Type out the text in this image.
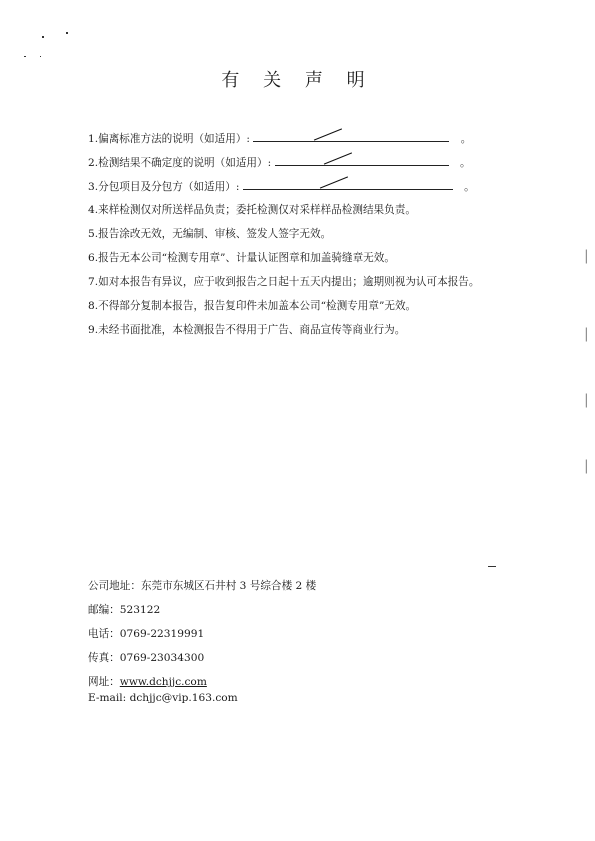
|
|
|
|
有 关 声 明
1.偏离标准方法的说明（如适用）:	。
2.检测结果不确定度的说明（如适用）:	。
3.分包项目及分包方（如适用）:	。
4.来样检测仅对所送样品负责；委托检测仅对采样样品检测结果负责。
5.报告涂改无效，无编制、审核、签发人签字无效。
6.报告无本公司“检测专用章”、计量认证图章和加盖骑缝章无效。
7.如对本报告有异议，应于收到报告之日起十五天内提出；逾期则视为认可本报告。
8.不得部分复制本报告，报告复印件未加盖本公司“检测专用章”无效。
9.未经书面批准，本检测报告不得用于广告、商品宣传等商业行为。
公司地址：东莞市东城区石井村 3 号综合楼 2 楼
邮编：523122
电话：0769-22319991
传真：0769-23034300
网址：www.dchjjc.com
E-mail: dchjjc@vip.163.com
